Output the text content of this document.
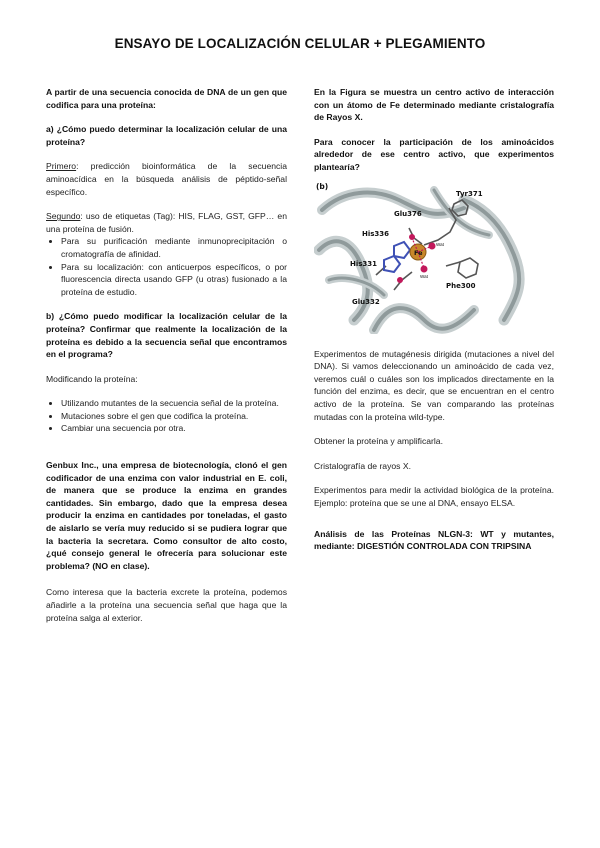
ENSAYO DE LOCALIZACIÓN CELULAR + PLEGAMIENTO

A partir de una secuencia conocida de DNA de un gen que codifica para una proteína:

a) ¿Cómo puedo determinar la localización celular de una proteína?

Primero: predicción bioinformática de la secuencia aminoacídica en la búsqueda análisis de péptido-señal específico.

Segundo: uso de etiquetas (Tag): HIS, FLAG, GST, GFP… en una proteína de fusión.

• Para su purificación mediante inmunoprecipitación o cromatografía de afinidad.
• Para su localización: con anticuerpos específicos, o por fluorescencia directa usando GFP (u otras) fusionado a la proteína de estudio.

b) ¿Cómo puedo modificar la localización celular de la proteína? Confirmar que realmente la localización de la proteína es debido a la secuencia señal que encontramos en el programa?

Modificando la proteína:

• Utilizando mutantes de la secuencia señal de la proteína.
• Mutaciones sobre el gen que codifica la proteína.
• Cambiar una secuencia por otra.

Genbux Inc., una empresa de biotecnología, clonó el gen codificador de una enzima con valor industrial en E. coli, de manera que se produce la enzima en grandes cantidades. Sin embargo, dado que la empresa desea producir la enzima en cantidades por toneladas, el gasto de aislarlo se vería muy reducido si se pudiera lograr que la bacteria la secretara. Como consultor de alto costo, ¿qué consejo general le ofrecería para solucionar este problema? (NO en clase).

Como interesa que la bacteria excrete la proteína, podemos añadirle a la proteína una secuencia señal que haga que la proteína salga al exterior.

En la Figura se muestra un centro activo de interacción con un átomo de Fe determinado mediante cristalografía de Rayos X.

Para conocer la participación de los aminoácidos alrededor de ese centro activo, que experimentos plantearía?

(b)
Tyr371
Glu376
His336
Fe
Wat
Wat
His331
Phe300
Glu332

Experimentos de mutagénesis dirigida (mutaciones a nivel del DNA). Si vamos deleccionando un aminoácido de cada vez, veremos cuál o cuáles son los implicados directamente en la función del enzima, es decir, que se encuentran en el centro activo de la proteína. Se van comparando las proteínas mutadas con la proteína wild-type.

Obtener la proteína y amplificarla.

Cristalografía de rayos X.

Experimentos para medir la actividad biológica de la proteína. Ejemplo: proteína que se une al DNA, ensayo ELSA.

Análisis de las Proteínas NLGN-3: WT y mutantes, mediante: DIGESTIÓN CONTROLADA CON TRIPSINA
